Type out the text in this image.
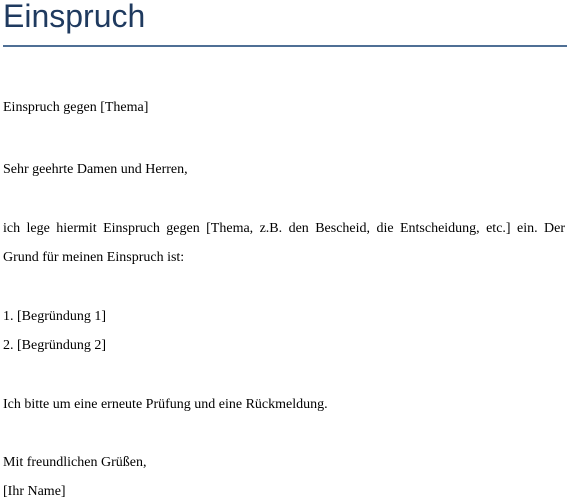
Einspruch

Einspruch gegen [Thema]

Sehr geehrte Damen und Herren,

ich lege hiermit Einspruch gegen [Thema, z.B. den Bescheid, die Entscheidung, etc.] ein. Der

Grund für meinen Einspruch ist:

1. [Begründung 1]

2. [Begründung 2]

Ich bitte um eine erneute Prüfung und eine Rückmeldung.

Mit freundlichen Grüßen,

[Ihr Name]
